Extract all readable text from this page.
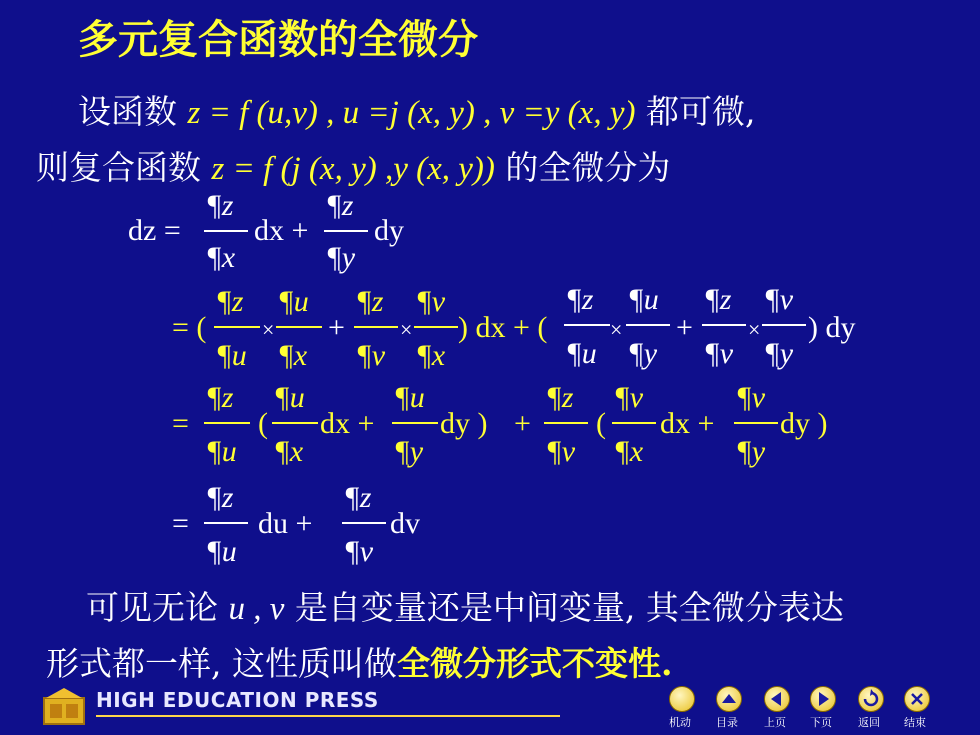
多元复合函数的全微分
设函数 z = f (u,v) , u =j (x, y) , v =y (x, y) 都可微,
则复合函数 z = f (j (x, y) ,y (x, y)) 的全微分为
dz =
¶z
¶x
dx +
¶z
¶y
dy
= (
¶z
¶u
×
¶u
¶x
+
¶z
¶v
×
¶v
¶x
) dx + (
¶z
¶u
×
¶u
¶y
+
¶z
¶v
×
¶v
¶y
) dy
=
¶z
¶u
(
¶u
¶x
dx +
¶u
¶y
dy ) +
¶z
¶v
(
¶v
¶x
dx +
¶v
¶y
dy )
=
¶z
¶u
du +
¶z
¶v
dv
可见无论 u , v 是自变量还是中间变量, 其全微分表达
形式都一样, 这性质叫做全微分形式不变性.
HIGH EDUCATION PRESS
机动 目录 上页 下页 返回 结束
